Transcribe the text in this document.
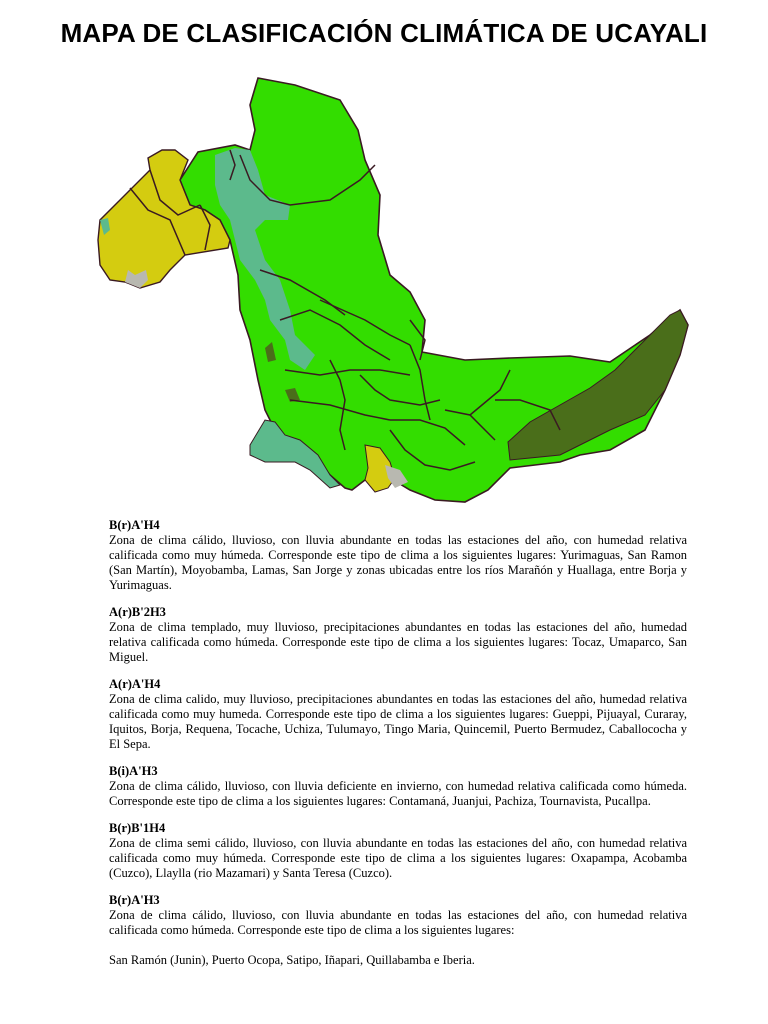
MAPA DE CLASIFICACIÓN CLIMÁTICA DE UCAYALI
B(r)A'H4
Zona de clima cálido, lluvioso, con lluvia abundante en todas las estaciones del año, con humedad relativa calificada como muy húmeda. Corresponde este tipo de clima a los siguientes lugares: Yurimaguas, San Ramon (San Martín), Moyobamba, Lamas, San Jorge y zonas ubicadas entre los ríos Marañón y Huallaga, entre Borja y Yurimaguas.
A(r)B'2H3
Zona de clima templado, muy lluvioso, precipitaciones abundantes en todas las estaciones del año, humedad relativa calificada como húmeda. Corresponde este tipo de clima a los siguientes lugares: Tocaz, Umaparco, San Miguel.
A(r)A'H4
Zona de clima calido, muy lluvioso, precipitaciones abundantes en todas las estaciones del año, humedad relativa calificada como muy humeda. Corresponde este tipo de clima a los siguientes lugares: Gueppi, Pijuayal, Curaray, Iquitos, Borja, Requena, Tocache, Uchiza, Tulumayo, Tingo Maria, Quincemil, Puerto Bermudez, Caballococha y El Sepa.
B(i)A'H3
Zona de clima cálido, lluvioso, con lluvia deficiente en invierno, con humedad relativa calificada como húmeda. Corresponde este tipo de clima a los siguientes lugares: Contamaná, Juanjui, Pachiza, Tournavista, Pucallpa.
B(r)B'1H4
Zona de clima semi cálido, lluvioso, con lluvia abundante en todas las estaciones del año, con humedad relativa calificada como muy húmeda. Corresponde este tipo de clima a los siguientes lugares: Oxapampa, Acobamba (Cuzco), Llaylla (rio Mazamari) y Santa Teresa (Cuzco).
B(r)A'H3
Zona de clima cálido, lluvioso, con lluvia abundante en todas las estaciones del año, con humedad relativa calificada como húmeda. Corresponde este tipo de clima a los siguientes lugares:
San Ramón (Junin), Puerto Ocopa, Satipo, Iñapari, Quillabamba e Iberia.
